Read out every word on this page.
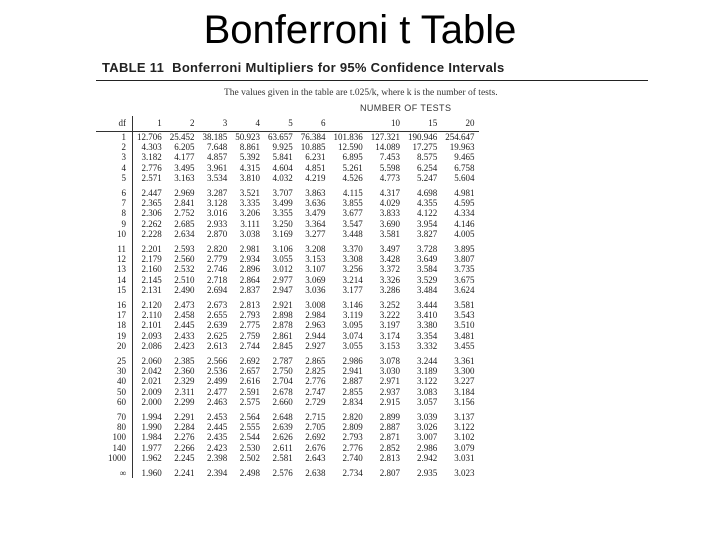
Bonferroni t Table
TABLE 11 Bonferroni Multipliers for 95% Confidence Intervals
The values given in the table are t.025/k, where k is the number of tests.
NUMBER OF TESTS
df	1	2	3	4	5	6		10	15	20

1	12.706	25.452	38.185	50.923	63.657	76.384	101.836	127.321	190.946	254.647
2	4.303	6.205	7.648	8.861	9.925	10.885	12.590	14.089	17.275	19.963
3	3.182	4.177	4.857	5.392	5.841	6.231	6.895	7.453	8.575	9.465
4	2.776	3.495	3.961	4.315	4.604	4.851	5.261	5.598	6.254	6.758
5	2.571	3.163	3.534	3.810	4.032	4.219	4.526	4.773	5.247	5.604
6	2.447	2.969	3.287	3.521	3.707	3.863	4.115	4.317	4.698	4.981
7	2.365	2.841	3.128	3.335	3.499	3.636	3.855	4.029	4.355	4.595
8	2.306	2.752	3.016	3.206	3.355	3.479	3.677	3.833	4.122	4.334
9	2.262	2.685	2.933	3.111	3.250	3.364	3.547	3.690	3.954	4.146
10	2.228	2.634	2.870	3.038	3.169	3.277	3.448	3.581	3.827	4.005
11	2.201	2.593	2.820	2.981	3.106	3.208	3.370	3.497	3.728	3.895
12	2.179	2.560	2.779	2.934	3.055	3.153	3.308	3.428	3.649	3.807
13	2.160	2.532	2.746	2.896	3.012	3.107	3.256	3.372	3.584	3.735
14	2.145	2.510	2.718	2.864	2.977	3.069	3.214	3.326	3.529	3.675
15	2.131	2.490	2.694	2.837	2.947	3.036	3.177	3.286	3.484	3.624
16	2.120	2.473	2.673	2.813	2.921	3.008	3.146	3.252	3.444	3.581
17	2.110	2.458	2.655	2.793	2.898	2.984	3.119	3.222	3.410	3.543
18	2.101	2.445	2.639	2.775	2.878	2.963	3.095	3.197	3.380	3.510
19	2.093	2.433	2.625	2.759	2.861	2.944	3.074	3.174	3.354	3.481
20	2.086	2.423	2.613	2.744	2.845	2.927	3.055	3.153	3.332	3.455
25	2.060	2.385	2.566	2.692	2.787	2.865	2.986	3.078	3.244	3.361
30	2.042	2.360	2.536	2.657	2.750	2.825	2.941	3.030	3.189	3.300
40	2.021	2.329	2.499	2.616	2.704	2.776	2.887	2.971	3.122	3.227
50	2.009	2.311	2.477	2.591	2.678	2.747	2.855	2.937	3.083	3.184
60	2.000	2.299	2.463	2.575	2.660	2.729	2.834	2.915	3.057	3.156
70	1.994	2.291	2.453	2.564	2.648	2.715	2.820	2.899	3.039	3.137
80	1.990	2.284	2.445	2.555	2.639	2.705	2.809	2.887	3.026	3.122
100	1.984	2.276	2.435	2.544	2.626	2.692	2.793	2.871	3.007	3.102
140	1.977	2.266	2.423	2.530	2.611	2.676	2.776	2.852	2.986	3.079
1000	1.962	2.245	2.398	2.502	2.581	2.643	2.740	2.813	2.942	3.031
∞	1.960	2.241	2.394	2.498	2.576	2.638	2.734	2.807	2.935	3.023
